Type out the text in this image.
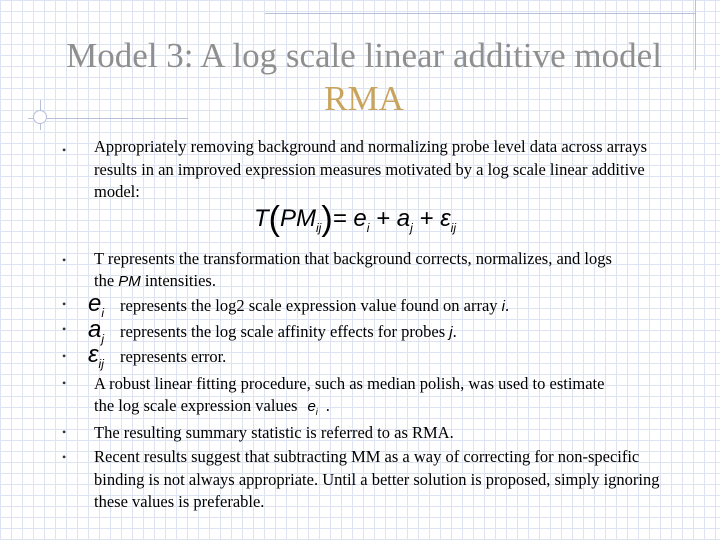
Model 3: A log scale linear additive model
RMA
•
•
•
•
•
•
•
•
Appropriately removing background and normalizing probe level data across arrays results in an improved expression measures motivated by a log scale linear additive model:
$T(PM_{ij})= e_i + a_j + \varepsilon_{ij}$
T represents the transformation that background corrects, normalizes, and logs
the PM intensities.
$e_i$ represents the log2 scale expression value found on array i.
$a_j$ represents the log scale affinity effects for probes j.
$\varepsilon_{ij}$ represents error.
A robust linear fitting procedure, such as median polish, was used to estimate
the log scale expression values $e_i$ .
The resulting summary statistic is referred to as RMA.
Recent results suggest that subtracting MM as a way of correcting for non-specific binding is not always appropriate. Until a better solution is proposed, simply ignoring these values is preferable.
